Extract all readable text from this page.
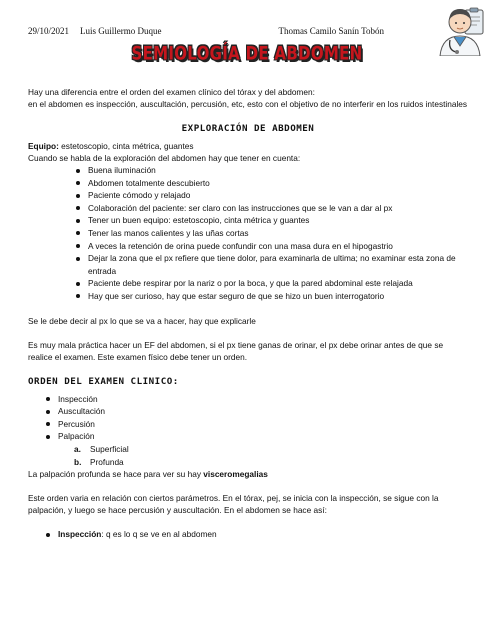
29/10/2021 Luis Guillermo Duque	Thomas Camilo Sanín Tobón
SEMIOLOGÍA DE ABDOMEN

Hay una diferencia entre el orden del examen clínico del tórax y del abdomen:

en el abdomen es inspección, auscultación, percusión, etc, esto con el objetivo de no interferir en los ruidos intestinales

EXPLORACIÓN DE ABDOMEN

Equipo: estetoscopio, cinta métrica, guantes

Cuando se habla de la exploración del abdomen hay que tener en cuenta:

Buena iluminación
Abdomen totalmente descubierto
Paciente cómodo y relajado
Colaboración del paciente: ser claro con las instrucciones que se le van a dar al px
Tener un buen equipo: estetoscopio, cinta métrica y guantes
Tener las manos calientes y las uñas cortas
A veces la retención de orina puede confundir con una masa dura en el hipogastrio
Dejar la zona que el px refiere que tiene dolor, para examinarla de ultima; no examinar esta zona de entrada
Paciente debe respirar por la nariz o por la boca, y que la pared abdominal este relajada
Hay que ser curioso, hay que estar seguro de que se hizo un buen interrogatorio

Se le debe decir al px lo que se va a hacer, hay que explicarle

Es muy mala práctica hacer un EF del abdomen, si el px tiene ganas de orinar, el px debe orinar antes de que se realice el examen. Este examen físico debe tener un orden.

ORDEN DEL EXAMEN CLINICO:
Inspección
Auscultación
Percusión
Palpación
a. Superficial
b. Profunda

La palpación profunda se hace para ver su hay visceromegalias

Este orden varia en relación con ciertos parámetros. En el tórax, pej, se inicia con la inspección, se sigue con la palpación, y luego se hace percusión y auscultación. En el abdomen se hace así:

Inspección: q es lo q se ve en al abdomen
